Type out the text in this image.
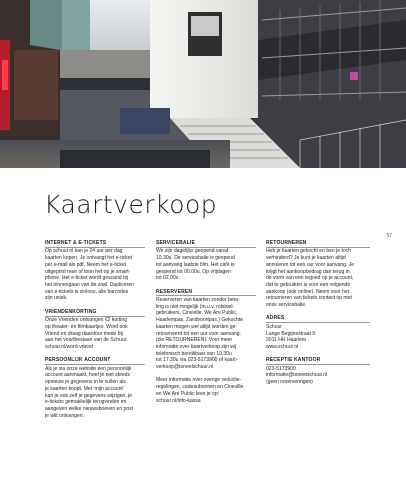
Kaartverkoop
57
INTERNET & E-TICKETS

Op schuur.nl kan je 24 uur per dag
kaarten kopen. Je ontvangt het e-ticket
per e-mail als pdf. Neem het e-ticket
uitgeprint mee of toon het op je smart-
phone. Het e-ticket wordt gescand bij
het binnengaan van de zaal. Dupliceren
van e-tickets is zinloos, alle barcodes
zijn uniek.

VRIENDENKORTING

Onze Vrienden ontvangen €2 korting
op theater- en filmkaartjes. Word ook
Vriend en draag daardoor mede bij
aan het voortbestaan van de Schuur.
schuur.nl/word-vriend

PERSOONLIJK ACCOUNT

Als je via onze website een persoonlijk
account aanmaakt, hoef je niet steeds
opnieuw je gegevens in te vullen als
je kaarten koopt. Met 'mijn account'
kan je ook zelf je gegevens wijzigen, je
e-tickets gemakkelijk terugvinden en
aangeven welke nieuwsbrieven en post
je wilt ontvangen.

SERVICEBALIE

We zijn dagelijks geopend vanaf
10.30u. De servicebalie is geopend
tot aanvang laatste film. Het café is
geopend tot 00.00u. Op vrijdagen
tot 02.00u.

RESERVEREN

Reserveren van kaarten zonder beta-
ling is niet mogelijk (m.u.v. rolstoel-
gebruikers, Cineville, We Are Public,
Haarlempas, Zandvoortpas.) Gekochte
kaarten mogen wel altijd worden ge-
retourneerd tot een uur voor aanvang.
(zie RETOURNEREN). Voor meer
informatie over kaartverkoop zijn wij
telefonisch bereikbaar van 10.30u
tot 17.30u via 023-5173900 of kaart-
verkoop@toneelschuur.nl

Meer informatie over overige reductie-
regelingen, cadeaubonnen en Cineville
en We Are Public lees je op:
schuur.nl/info-kassa

RETOURNEREN

Heb je kaarten gekocht en ben je toch
verhinderd? Je kunt je kaarten altijd
annuleren tot een uur voor aanvang. Je
krijgt het aankoopbedrag dan terug in
de vorm van een tegoed op je account,
dat te gebruiken is voor een volgende
aankoop (ook online). Neem voor het
retourneren van tickets contact op met
onze servicebalie.

ADRES

Schuur
Lange Begijnestraat 9
2011 HH Haarlem
www.schuur.nl

RECEPTIE KANTOOR

023-5173900
informatie@toneelschuur.nl
(geen reserveringen)
